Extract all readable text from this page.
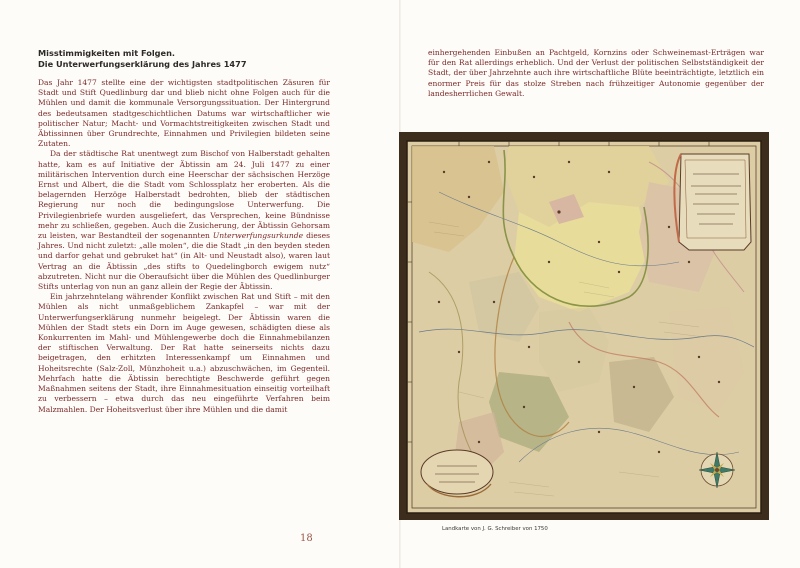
Misstimmigkeiten mit Folgen.
Die Unterwerfungserklärung des Jahres 1477

Das Jahr 1477 stellte eine der wichtigsten stadtpolitischen Zäsuren für Stadt und Stift Quedlinburg dar und blieb nicht ohne Folgen auch für die Mühlen und damit die kommunale Versorgungssituation. Der Hintergrund des bedeutsamen stadtgeschichtlichen Datums war wirtschaftlicher wie politischer Natur; Macht- und Vormachtstreitigkeiten zwischen Stadt und Äbtissinnen über Grundrechte, Einnahmen und Privilegien bildeten seine Zutaten.

Da der städtische Rat unentwegt zum Bischof von Halberstadt gehalten hatte, kam es auf Initiative der Äbtissin am 24. Juli 1477 zu einer militärischen Intervention durch eine Heerschar der sächsischen Herzöge Ernst und Albert, die die Stadt vom Schlossplatz her eroberten. Als die belagernden Herzöge Halberstadt bedrohten, blieb der städtischen Regierung nur noch die bedingungslose Unterwerfung. Die Privilegienbriefe wurden ausgeliefert, das Versprechen, keine Bündnisse mehr zu schließen, gegeben. Auch die Zusicherung, der Äbtissin Gehorsam zu leisten, war Bestandteil der sogenannten Unterwerfungsurkunde dieses Jahres. Und nicht zuletzt: „alle molen“, die die Stadt „in den beyden steden und darfor gehat und gebruket hat“ (in Alt- und Neustadt also), waren laut Vertrag an die Äbtissin „des stifts to Quedelingborch ewigem nutz“ abzutreten. Nicht nur die Oberaufsicht über die Mühlen des Quedlinburger Stifts unterlag von nun an ganz allein der Regie der Äbtissin.

Ein jahrzehntelang währender Konflikt zwischen Rat und Stift – mit den Mühlen als nicht unmaßgeblichem Zankapfel – war mit der Unterwerfungserklärung nunmehr beigelegt. Der Äbtissin waren die Mühlen der Stadt stets ein Dorn im Auge gewesen, schädigten diese als Konkurrenten im Mahl- und Mühlengewerbe doch die Einnahmebilanzen der stiftischen Verwaltung. Der Rat hatte seinerseits nichts dazu beigetragen, den erhitzten Interessenkampf um Einnahmen und Hoheitsrechte (Salz-Zoll, Münzhoheit u.a.) abzuschwächen, im Gegenteil. Mehrfach hatte die Äbtissin berechtigte Beschwerde geführt gegen Maßnahmen seitens der Stadt, ihre Einnahmesituation einseitig vorteilhaft zu verbessern – etwa durch das neu eingeführte Verfahren beim Malzmahlen. Der Hoheitsverlust über ihre Mühlen und die damit

18

einhergehenden Einbußen an Pachtgeld, Kornzins oder Schweinemast-Erträgen war für den Rat allerdings erheblich. Und der Verlust der politischen Selbstständigkeit der Stadt, der über Jahrzehnte auch ihre wirtschaftliche Blüte beeinträchtigte, letztlich ein enormer Preis für das stolze Streben nach frühzeitiger Autonomie gegenüber der landesherrlichen Gewalt.

Landkarte von J. G. Schreiber von 1750
